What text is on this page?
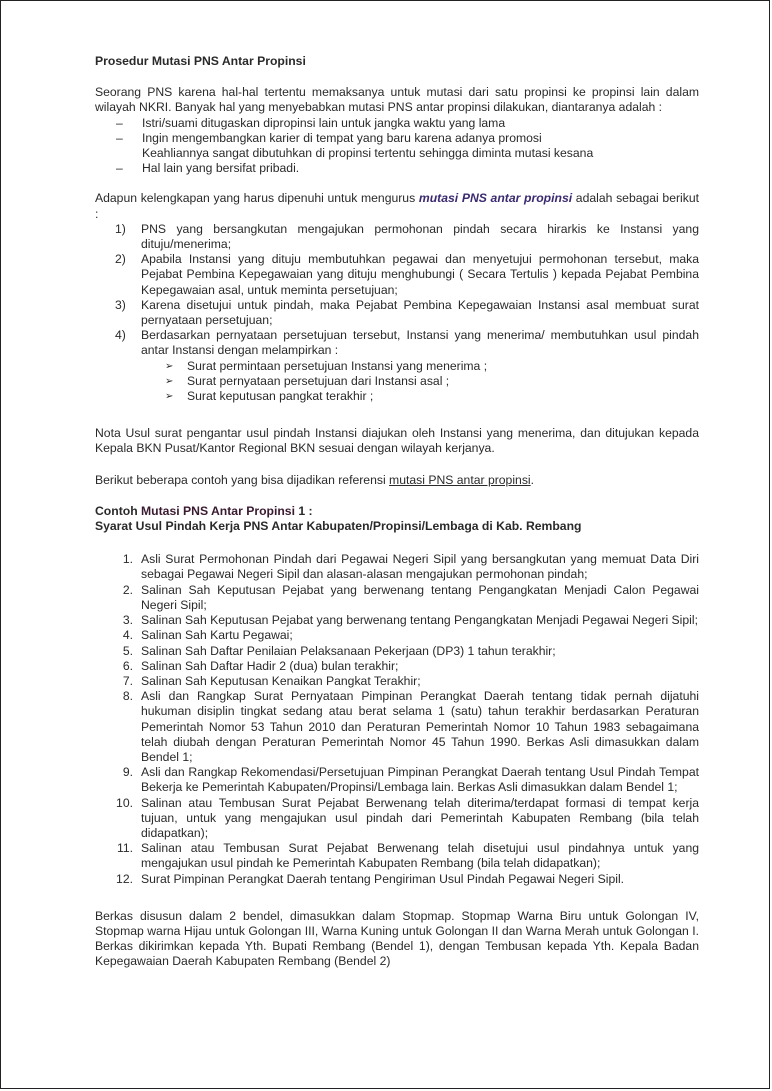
Prosedur Mutasi PNS Antar Propinsi

Seorang PNS karena hal-hal tertentu memaksanya untuk mutasi dari satu propinsi ke propinsi lain dalam wilayah NKRI. Banyak hal yang menyebabkan mutasi PNS antar propinsi dilakukan, diantaranya adalah :

– Istri/suami ditugaskan dipropinsi lain untuk jangka waktu yang lama
– Ingin mengembangkan karier di tempat yang baru karena adanya promosi
Keahliannya sangat dibutuhkan di propinsi tertentu sehingga diminta mutasi kesana
– Hal lain yang bersifat pribadi.

Adapun kelengkapan yang harus dipenuhi untuk mengurus mutasi PNS antar propinsi adalah sebagai berikut :

1) PNS yang bersangkutan mengajukan permohonan pindah secara hirarkis ke Instansi yang dituju/menerima;
2) Apabila Instansi yang dituju membutuhkan pegawai dan menyetujui permohonan tersebut, maka Pejabat Pembina Kepegawaian yang dituju menghubungi ( Secara Tertulis ) kepada Pejabat Pembina Kepegawaian asal, untuk meminta persetujuan;
3) Karena disetujui untuk pindah, maka Pejabat Pembina Kepegawaian Instansi asal membuat surat pernyataan persetujuan;
4) Berdasarkan pernyataan persetujuan tersebut, Instansi yang menerima/ membutuhkan usul pindah antar Instansi dengan melampirkan :
➢ Surat permintaan persetujuan Instansi yang menerima ;
➢ Surat pernyataan persetujuan dari Instansi asal ;
➢ Surat keputusan pangkat terakhir ;

Nota Usul surat pengantar usul pindah Instansi diajukan oleh Instansi yang menerima, dan ditujukan kepada Kepala BKN Pusat/Kantor Regional BKN sesuai dengan wilayah kerjanya.

Berikut beberapa contoh yang bisa dijadikan referensi mutasi PNS antar propinsi.

Contoh Mutasi PNS Antar Propinsi 1 :

Syarat Usul Pindah Kerja PNS Antar Kabupaten/Propinsi/Lembaga di Kab. Rembang

1. Asli Surat Permohonan Pindah dari Pegawai Negeri Sipil yang bersangkutan yang memuat Data Diri sebagai Pegawai Negeri Sipil dan alasan-alasan mengajukan permohonan pindah;
2. Salinan Sah Keputusan Pejabat yang berwenang tentang Pengangkatan Menjadi Calon Pegawai Negeri Sipil;
3. Salinan Sah Keputusan Pejabat yang berwenang tentang Pengangkatan Menjadi Pegawai Negeri Sipil;
4. Salinan Sah Kartu Pegawai;
5. Salinan Sah Daftar Penilaian Pelaksanaan Pekerjaan (DP3) 1 tahun terakhir;
6. Salinan Sah Daftar Hadir 2 (dua) bulan terakhir;
7. Salinan Sah Keputusan Kenaikan Pangkat Terakhir;
8. Asli dan Rangkap Surat Pernyataan Pimpinan Perangkat Daerah tentang tidak pernah dijatuhi hukuman disiplin tingkat sedang atau berat selama 1 (satu) tahun terakhir berdasarkan Peraturan Pemerintah Nomor 53 Tahun 2010 dan Peraturan Pemerintah Nomor 10 Tahun 1983 sebagaimana telah diubah dengan Peraturan Pemerintah Nomor 45 Tahun 1990. Berkas Asli dimasukkan dalam Bendel 1;
9. Asli dan Rangkap Rekomendasi/Persetujuan Pimpinan Perangkat Daerah tentang Usul Pindah Tempat Bekerja ke Pemerintah Kabupaten/Propinsi/Lembaga lain. Berkas Asli dimasukkan dalam Bendel 1;
10. Salinan atau Tembusan Surat Pejabat Berwenang telah diterima/terdapat formasi di tempat kerja tujuan, untuk yang mengajukan usul pindah dari Pemerintah Kabupaten Rembang (bila telah didapatkan);
11. Salinan atau Tembusan Surat Pejabat Berwenang telah disetujui usul pindahnya untuk yang mengajukan usul pindah ke Pemerintah Kabupaten Rembang (bila telah didapatkan);
12. Surat Pimpinan Perangkat Daerah tentang Pengiriman Usul Pindah Pegawai Negeri Sipil.

Berkas disusun dalam 2 bendel, dimasukkan dalam Stopmap. Stopmap Warna Biru untuk Golongan IV, Stopmap warna Hijau untuk Golongan III, Warna Kuning untuk Golongan II dan Warna Merah untuk Golongan I. Berkas dikirimkan kepada Yth. Bupati Rembang (Bendel 1), dengan Tembusan kepada Yth. Kepala Badan Kepegawaian Daerah Kabupaten Rembang (Bendel 2)
